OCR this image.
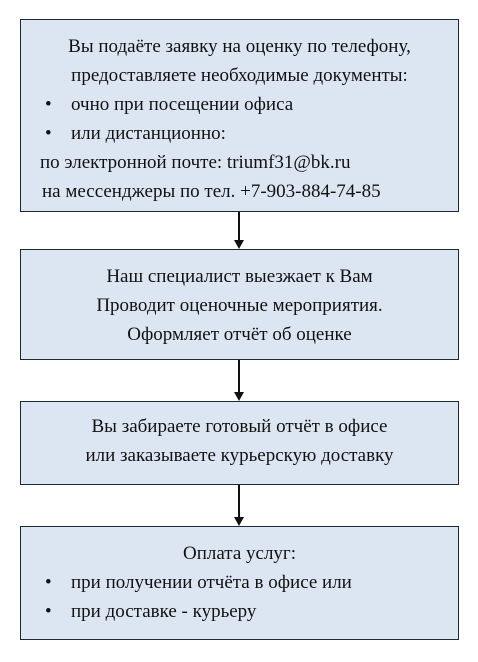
Вы подаёте заявку на оценку по телефону,
предоставляете необходимые документы:
• очно при посещении офиса
• или дистанционно:
по электронной почте: triumf31@bk.ru
на мессенджеры по тел. +7-903-884-74-85
Наш специалист выезжает к Вам
Проводит оценочные мероприятия.
Оформляет отчёт об оценке
Вы забираете готовый отчёт в офисе
или заказываете курьерскую доставку
Оплата услуг:
• при получении отчёта в офисе или
• при доставке - курьеру
